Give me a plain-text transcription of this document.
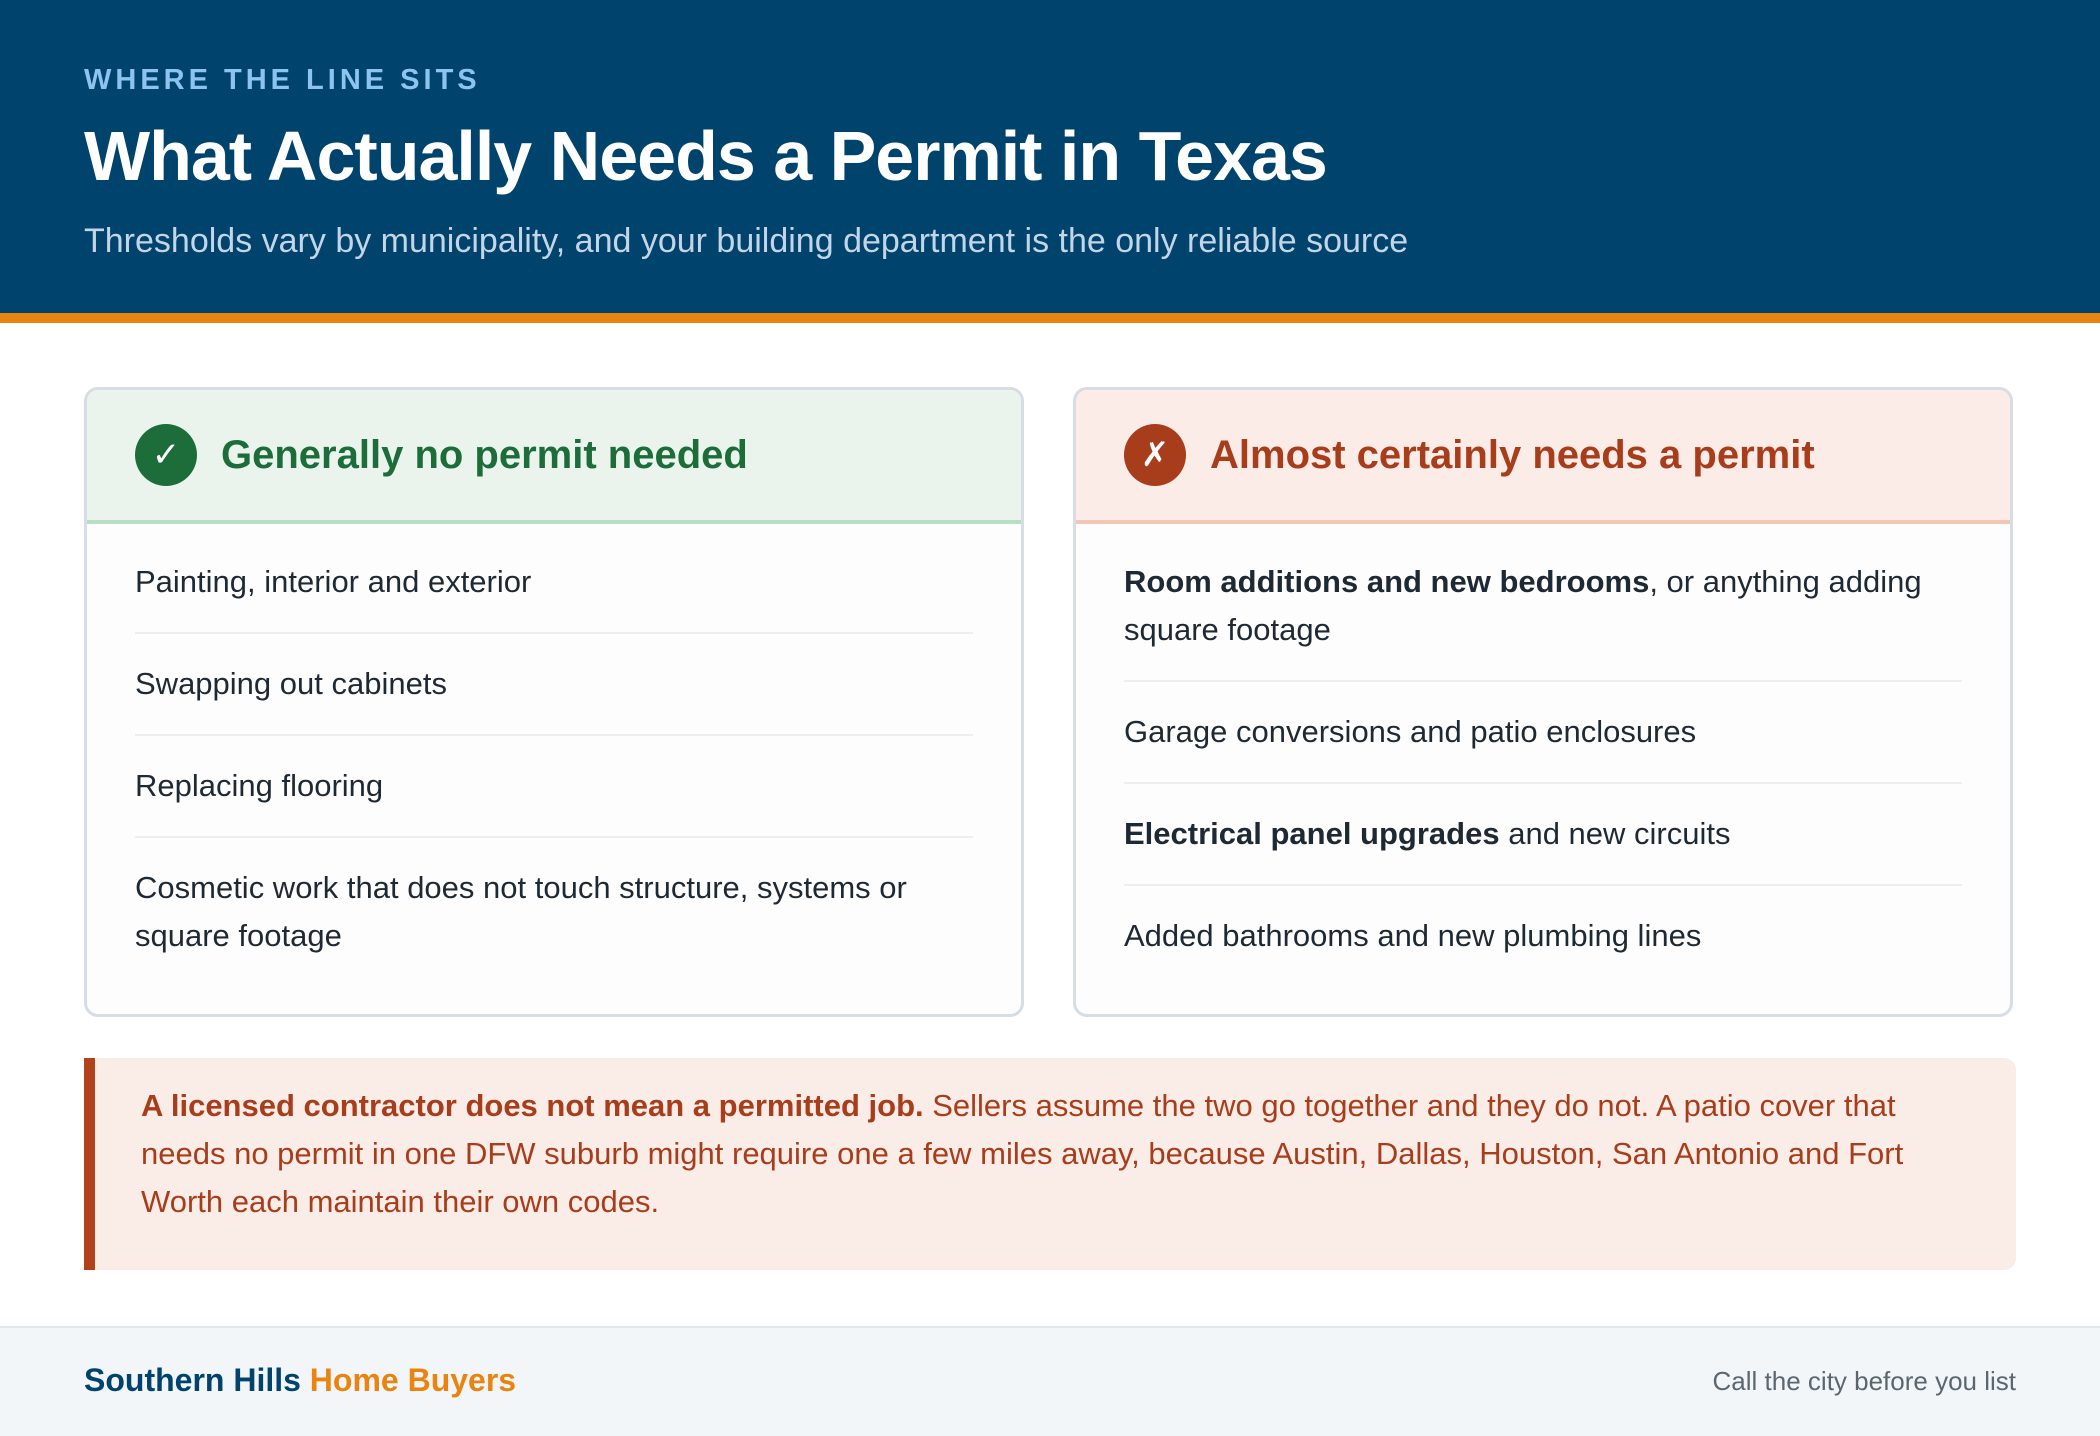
WHERE THE LINE SITS
What Actually Needs a Permit in Texas
Thresholds vary by municipality, and your building department is the only reliable source
✓	Generally no permit needed
Painting, interior and exterior
Swapping out cabinets
Replacing flooring
Cosmetic work that does not touch structure, systems or square footage
✗	Almost certainly needs a permit
Room additions and new bedrooms, or anything adding square footage
Garage conversions and patio enclosures
Electrical panel upgrades and new circuits
Added bathrooms and new plumbing lines
A licensed contractor does not mean a permitted job. Sellers assume the two go together and they do not. A patio cover that needs no permit in one DFW suburb might require one a few miles away, because Austin, Dallas, Houston, San Antonio and Fort Worth each maintain their own codes.
Southern Hills Home Buyers	Call the city before you list
